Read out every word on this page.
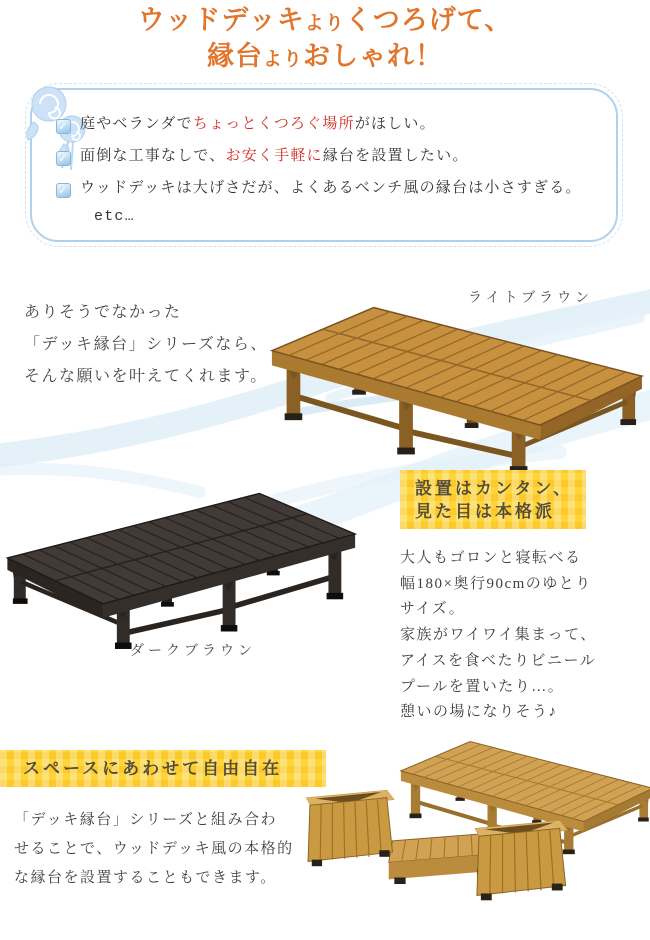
ウッドデッキよりくつろげて、
縁台よりおしゃれ！
✓ 庭やベランダでちょっとくつろぐ場所がほしい。
✓ 面倒な工事なしで、お安く手軽に縁台を設置したい。
✓ ウッドデッキは大げさだが、よくあるベンチ風の縁台は小さすぎる。
etc…
ありそうでなかった
「デッキ縁台」シリーズなら、
そんな願いを叶えてくれます。
ライトブラウン
ダークブラウン
設置はカンタン、
見た目は本格派
大人もゴロンと寝転べる
幅180×奥行90cmのゆとり
サイズ。
家族がワイワイ集まって、
アイスを食べたりビニール
プールを置いたり…。
憩いの場になりそう♪
スペースにあわせて自由自在
「デッキ縁台」シリーズと組み合わ
せることで、ウッドデッキ風の本格的
な縁台を設置することもできます。
